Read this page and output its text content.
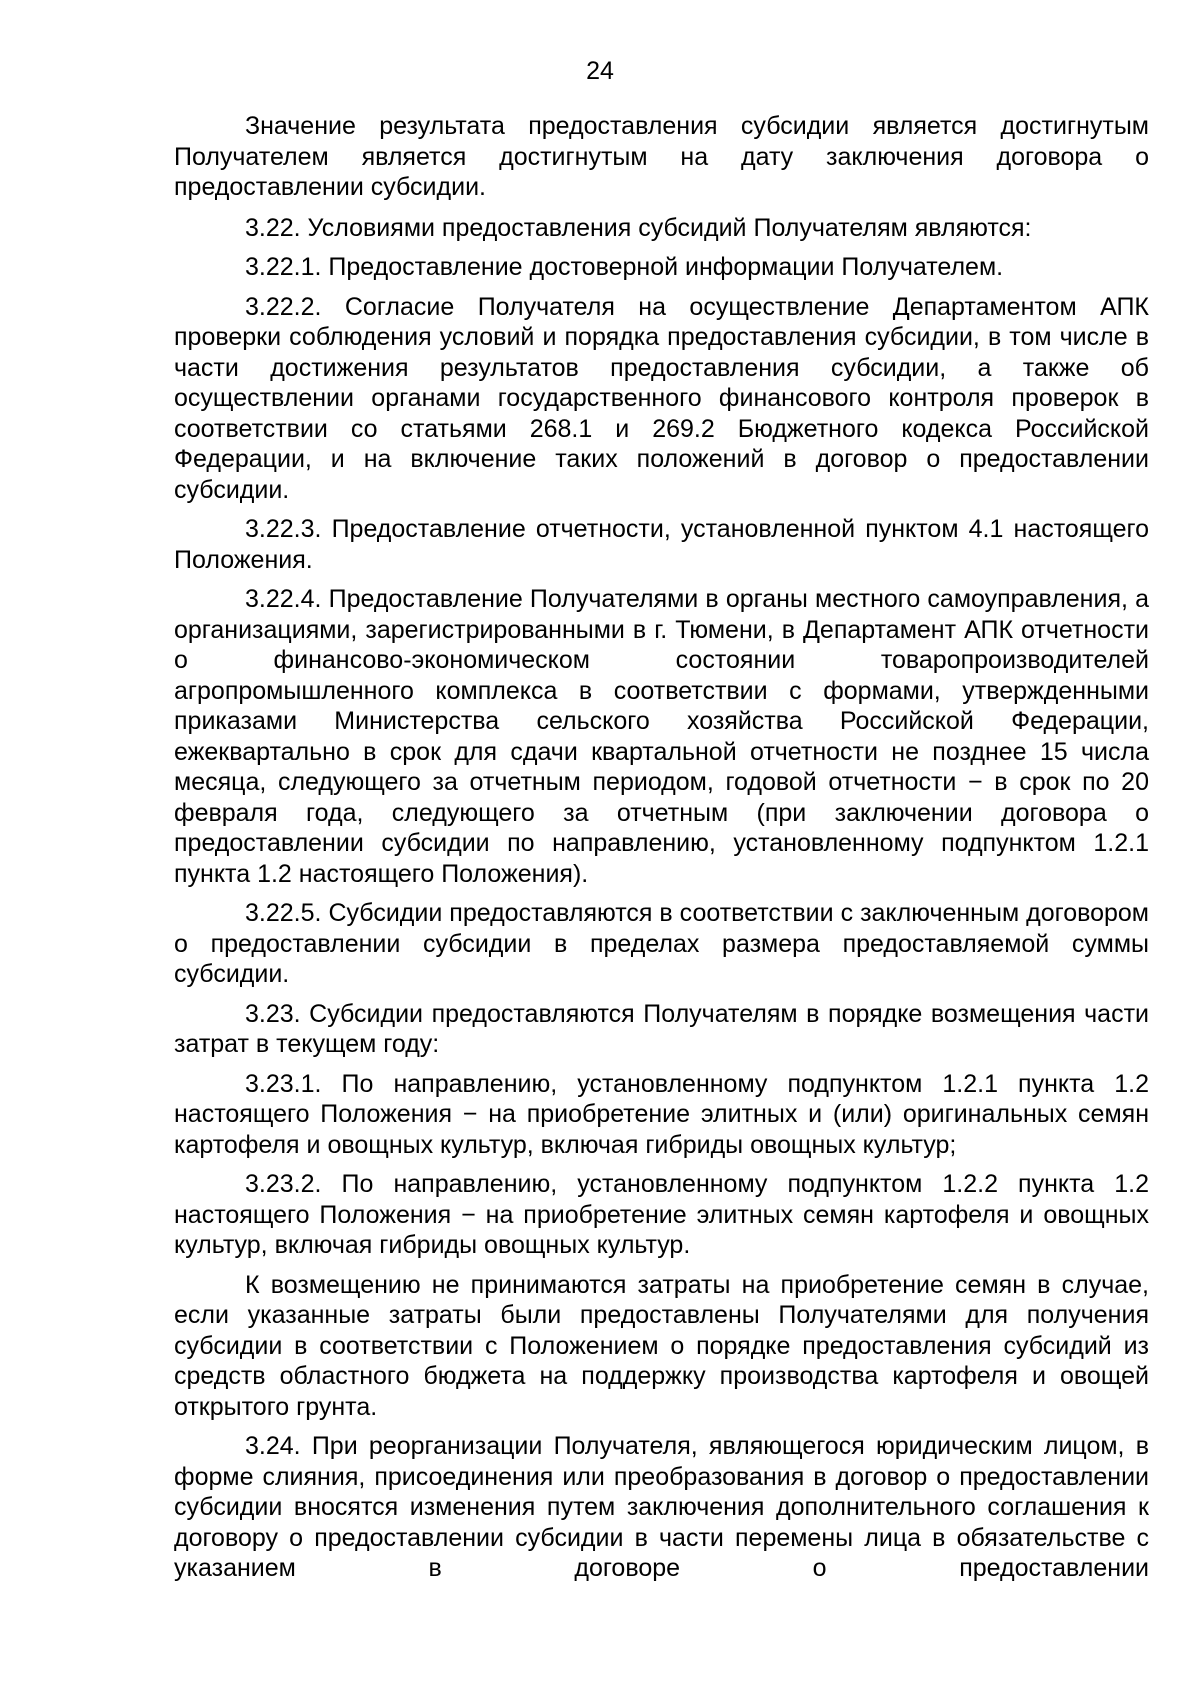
24

Значение результата предоставления субсидии является достигнутым Получателем является достигнутым на дату заключения договора о предоставлении субсидии.

3.22. Условиями предоставления субсидий Получателям являются:

3.22.1. Предоставление достоверной информации Получателем.

3.22.2. Согласие Получателя на осуществление Департаментом АПК проверки соблюдения условий и порядка предоставления субсидии, в том числе в части достижения результатов предоставления субсидии, а также об осуществлении органами государственного финансового контроля проверок в соответствии со статьями 268.1 и 269.2 Бюджетного кодекса Российской Федерации, и на включение таких положений в договор о предоставлении субсидии.

3.22.3. Предоставление отчетности, установленной пунктом 4.1 настоящего Положения.

3.22.4. Предоставление Получателями в органы местного самоуправления, а организациями, зарегистрированными в г. Тюмени, в Департамент АПК отчетности о финансово-экономическом состоянии товаропроизводителей агропромышленного комплекса в соответствии с формами, утвержденными приказами Министерства сельского хозяйства Российской Федерации, ежеквартально в срок для сдачи квартальной отчетности не позднее 15 числа месяца, следующего за отчетным периодом, годовой отчетности − в срок по 20 февраля года, следующего за отчетным (при заключении договора о предоставлении субсидии по направлению, установленному подпунктом 1.2.1 пункта 1.2 настоящего Положения).

3.22.5. Субсидии предоставляются в соответствии с заключенным договором о предоставлении субсидии в пределах размера предоставляемой суммы субсидии.

3.23. Субсидии предоставляются Получателям в порядке возмещения части затрат в текущем году:

3.23.1. По направлению, установленному подпунктом 1.2.1 пункта 1.2 настоящего Положения − на приобретение элитных и (или) оригинальных семян картофеля и овощных культур, включая гибриды овощных культур;

3.23.2. По направлению, установленному подпунктом 1.2.2 пункта 1.2 настоящего Положения − на приобретение элитных семян картофеля и овощных культур, включая гибриды овощных культур.

К возмещению не принимаются затраты на приобретение семян в случае, если указанные затраты были предоставлены Получателями для получения субсидии в соответствии с Положением о порядке предоставления субсидий из средств областного бюджета на поддержку производства картофеля и овощей открытого грунта.

3.24. При реорганизации Получателя, являющегося юридическим лицом, в форме слияния, присоединения или преобразования в договор о предоставлении субсидии вносятся изменения путем заключения дополнительного соглашения к договору о предоставлении субсидии в части перемены лица в обязательстве с указанием в договоре о предоставлении
